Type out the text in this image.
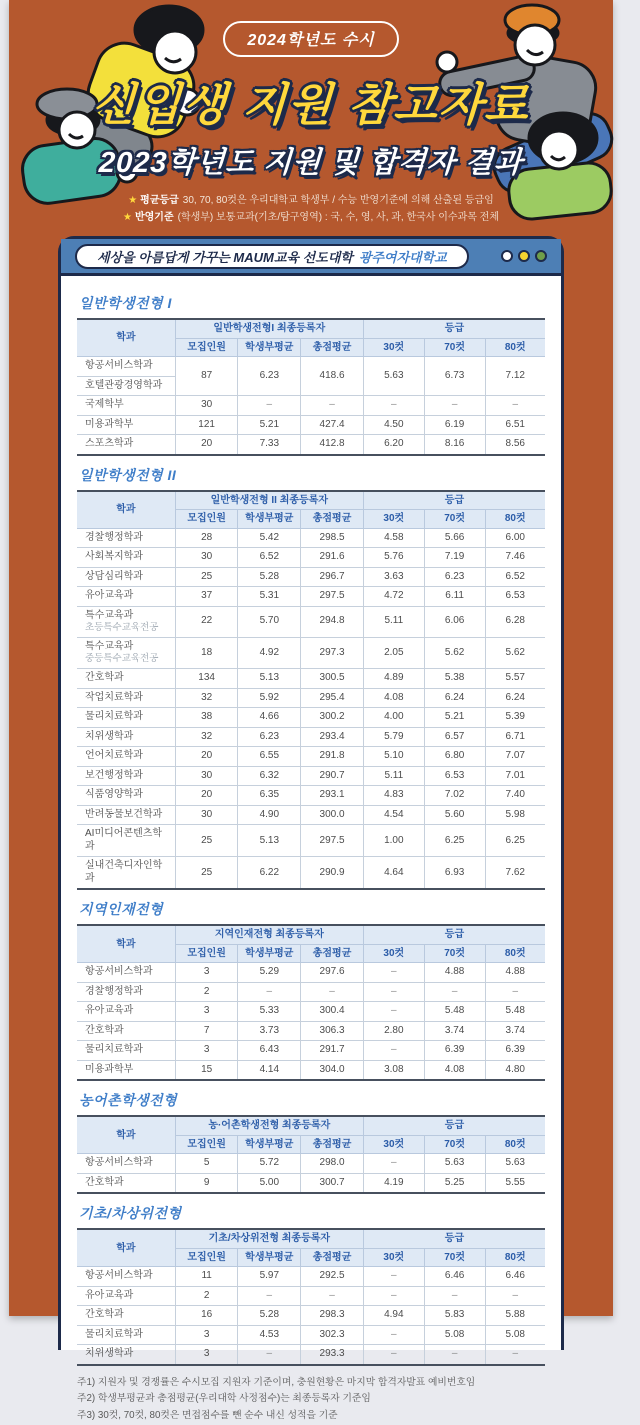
2024학년도 수시
신입생 지원 참고자료
2023학년도 지원 및 합격자 결과
★ 평균등급 30, 70, 80컷은 우리대학교 학생부 / 수능 반영기준에 의해 산출된 등급임
★ 반영기준 (학생부) 보통교과(기초/탐구영역) : 국, 수, 영, 사, 과, 한국사 이수과목 전체
세상을 아름답게 가꾸는 MAUM교육 선도대학 광주여자대학교
일반학생전형 I
학과	일반학생전형I 최종등록자			등급		
	모집인원	학생부평균	총점평균	30컷	70컷	80컷
항공서비스학과	87	6.23	418.6	5.63	6.73	7.12
호텔관광경영학과						
국제학부	30	–	–	–	–	–
미용과학부	121	5.21	427.4	4.50	6.19	6.51
스포츠학과	20	7.33	412.8	6.20	8.16	8.56
일반학생전형 II
학과	일반학생전형 II 최종등록자			등급		
	모집인원	학생부평균	총점평균	30컷	70컷	80컷
경찰행정학과	28	5.42	298.5	4.58	5.66	6.00
사회복지학과	30	6.52	291.6	5.76	7.19	7.46
상담심리학과	25	5.28	296.7	3.63	6.23	6.52
유아교육과	37	5.31	297.5	4.72	6.11	6.53

특수교육과
초등특수교육전공	22	5.70	294.8	5.11	6.06	6.28

특수교육과
중등특수교육전공	18	4.92	297.3	2.05	5.62	5.62
간호학과	134	5.13	300.5	4.89	5.38	5.57
작업치료학과	32	5.92	295.4	4.08	6.24	6.24
물리치료학과	38	4.66	300.2	4.00	5.21	5.39
치위생학과	32	6.23	293.4	5.79	6.57	6.71
언어치료학과	20	6.55	291.8	5.10	6.80	7.07
보건행정학과	30	6.32	290.7	5.11	6.53	7.01
식품영양학과	20	6.35	293.1	4.83	7.02	7.40
반려동물보건학과	30	4.90	300.0	4.54	5.60	5.98
AI미디어콘텐츠학과	25	5.13	297.5	1.00	6.25	6.25
실내건축디자인학과	25	6.22	290.9	4.64	6.93	7.62
지역인재전형
학과	지역인재전형 최종등록자			등급		
	모집인원	학생부평균	총점평균	30컷	70컷	80컷
항공서비스학과	3	5.29	297.6	–	4.88	4.88
경찰행정학과	2	–	–	–	–	–
유아교육과	3	5.33	300.4	–	5.48	5.48
간호학과	7	3.73	306.3	2.80	3.74	3.74
물리치료학과	3	6.43	291.7	–	6.39	6.39
미용과학부	15	4.14	304.0	3.08	4.08	4.80
농어촌학생전형
학과	농·어촌학생전형 최종등록자			등급		
	모집인원	학생부평균	총점평균	30컷	70컷	80컷
항공서비스학과	5	5.72	298.0	–	5.63	5.63
간호학과	9	5.00	300.7	4.19	5.25	5.55
기초/차상위전형
학과	기초/차상위전형 최종등록자			등급		
	모집인원	학생부평균	총점평균	30컷	70컷	80컷
항공서비스학과	11	5.97	292.5	–	6.46	6.46
유아교육과	2	–	–	–	–	–
간호학과	16	5.28	298.3	4.94	5.83	5.88
물리치료학과	3	4.53	302.3	–	5.08	5.08
치위생학과	3	–	293.3	–	–	–
주1) 지원자 및 경쟁률은 수시모집 지원자 기준이며, 충원현황은 마지막 합격자발표 예비번호임
주2) 학생부평균과 총점평균(우리대학 사정점수)는 최종등록자 기준임
주3) 30컷, 70컷, 80컷은 면접점수를 뺀 순수 내신 성적을 기준
